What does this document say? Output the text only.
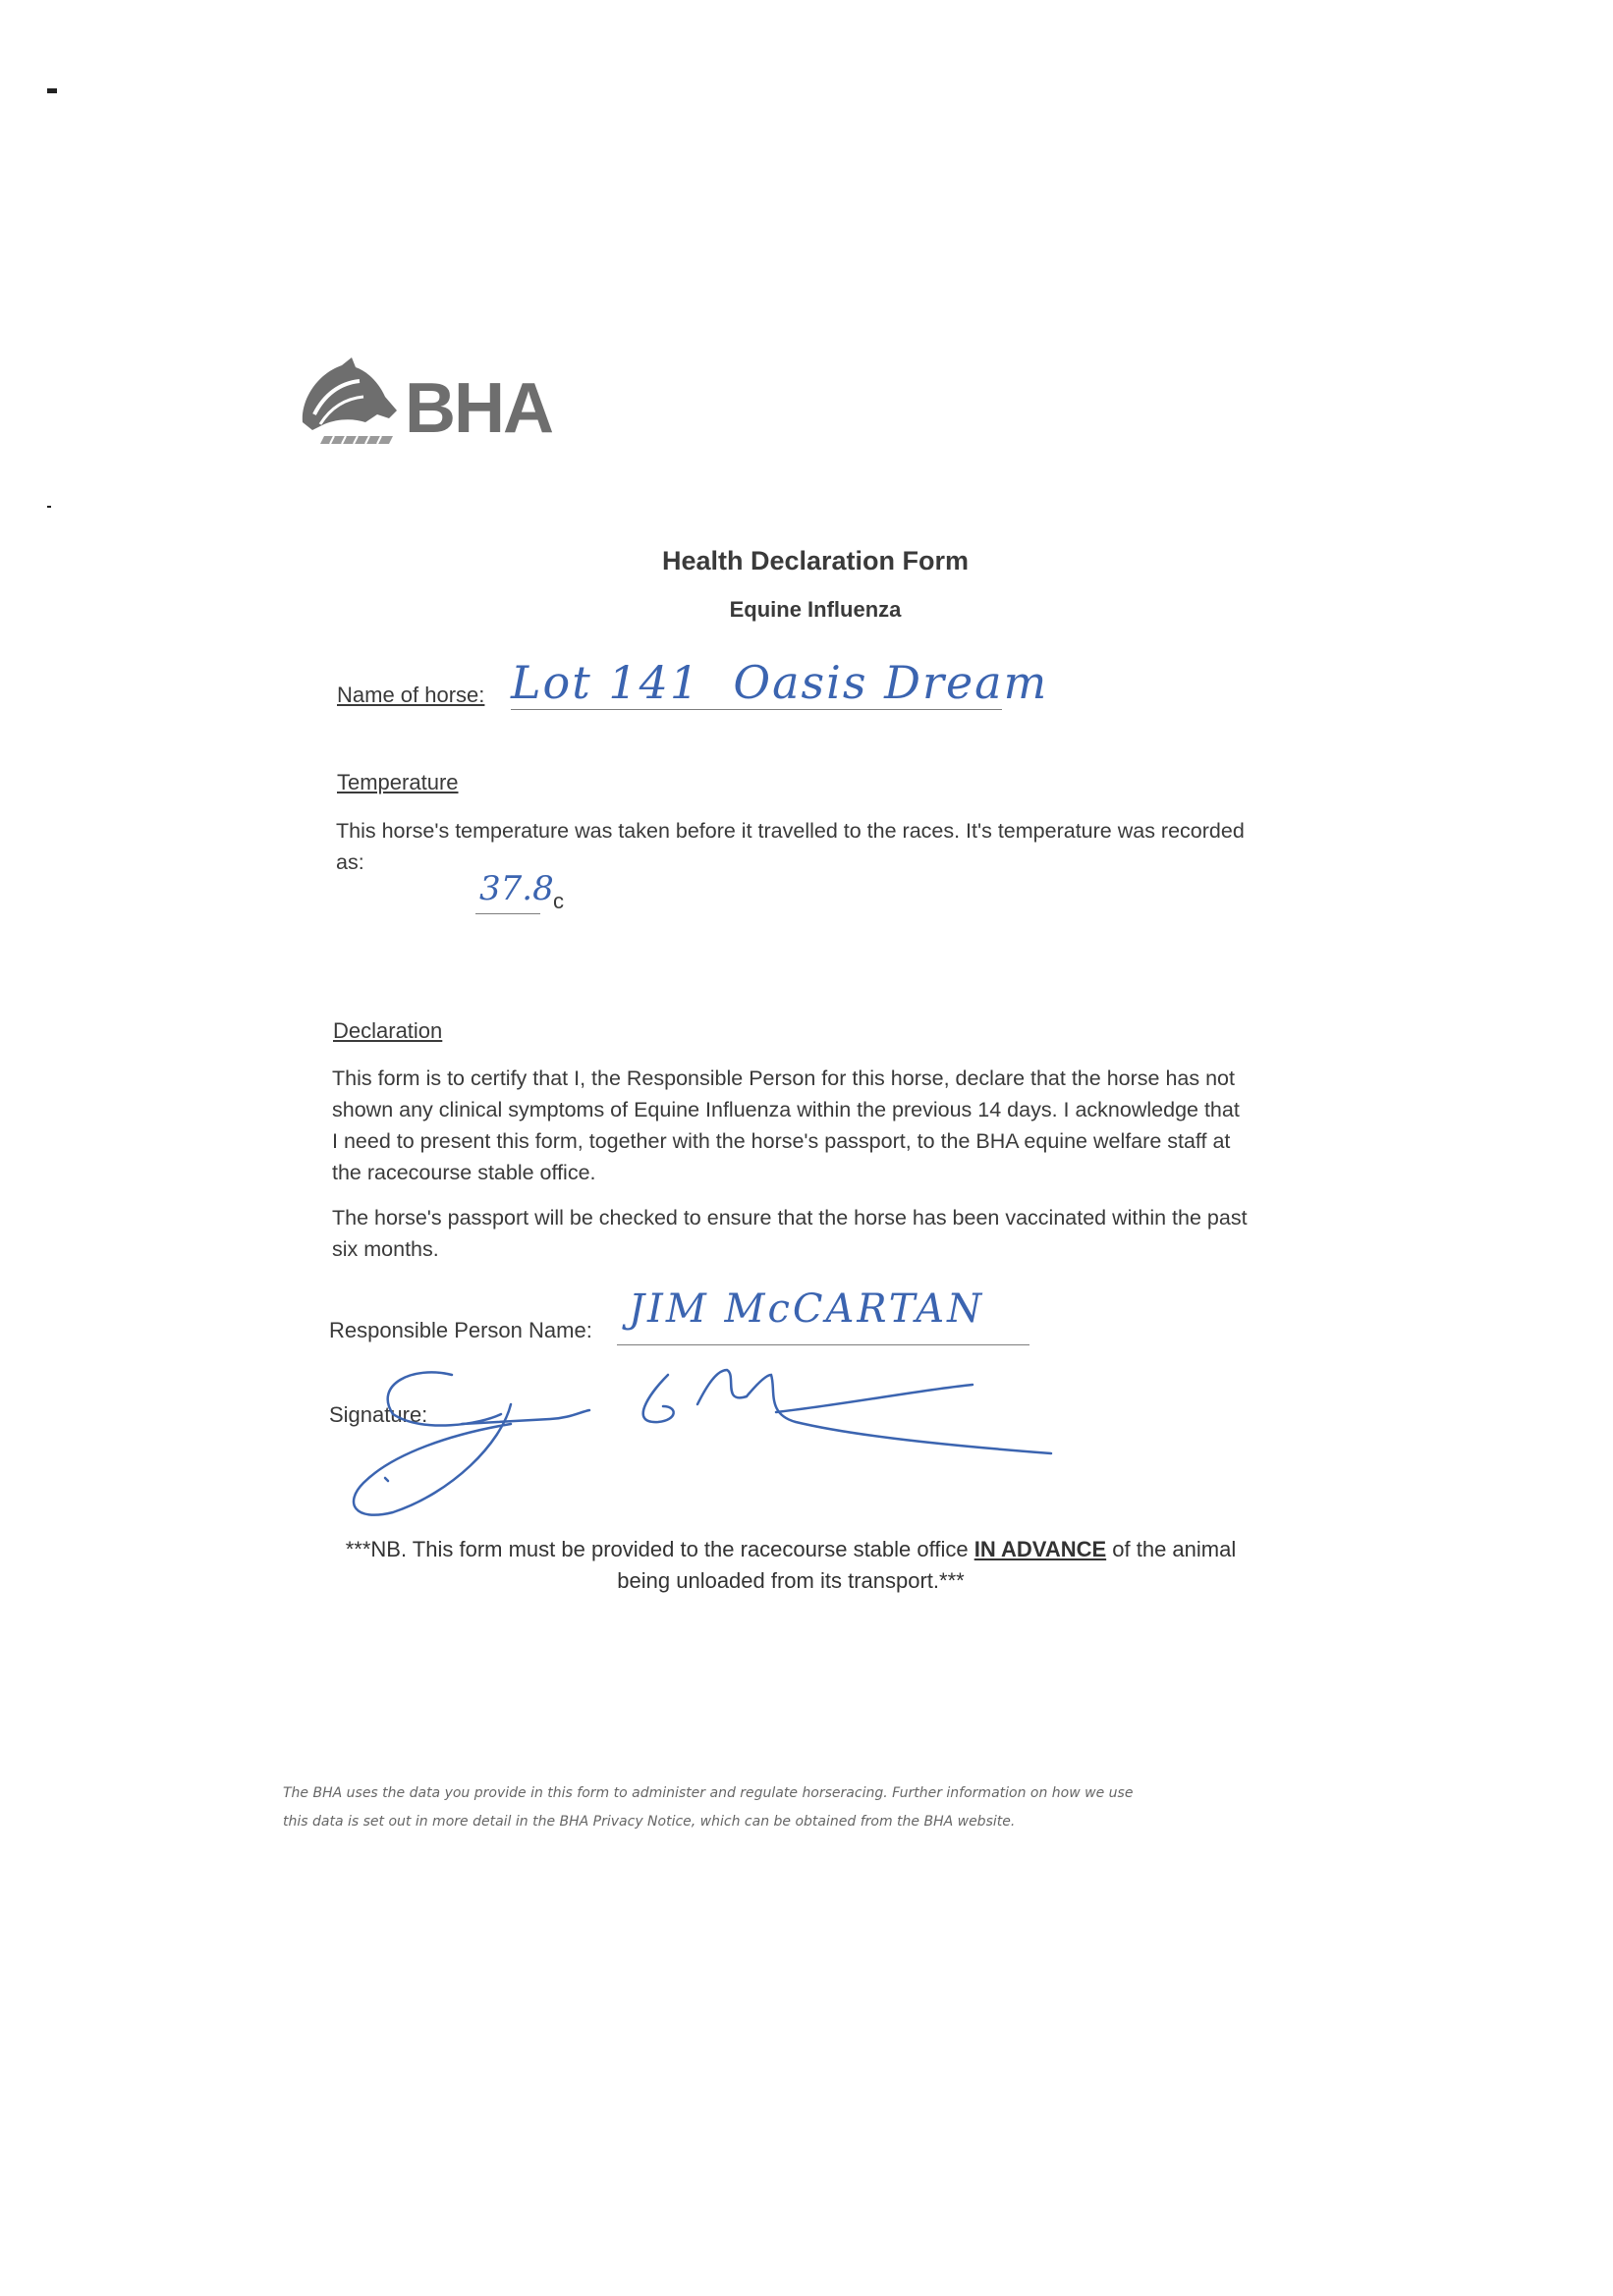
BHA
Health Declaration Form
Equine Influenza
Name of horse: Lot 141  Oasis Dream
Temperature
This horse's temperature was taken before it travelled to the races. It's temperature was recorded as:
37.8 c
Declaration
This form is to certify that I, the Responsible Person for this horse, declare that the horse has not shown any clinical symptoms of Equine Influenza within the previous 14 days. I acknowledge that I need to present this form, together with the horse's passport, to the BHA equine welfare staff at the racecourse stable office.
The horse's passport will be checked to ensure that the horse has been vaccinated within the past six months.
Responsible Person Name: JIM McCARTAN
Signature:
***NB. This form must be provided to the racecourse stable office IN ADVANCE of the animal being unloaded from its transport.***
The BHA uses the data you provide in this form to administer and regulate horseracing. Further information on how we use
this data is set out in more detail in the BHA Privacy Notice, which can be obtained from the BHA website.
